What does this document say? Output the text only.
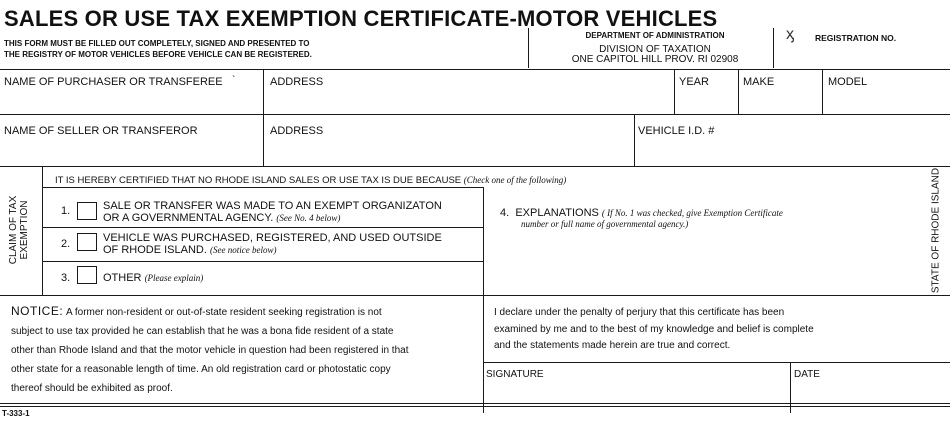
SALES OR USE TAX EXEMPTION CERTIFICATE-MOTOR VEHICLES
THIS FORM MUST BE FILLED OUT COMPLETELY, SIGNED AND PRESENTED TO
THE REGISTRY OF MOTOR VEHICLES BEFORE VEHICLE CAN BE REGISTERED.
DEPARTMENT OF ADMINISTRATION
DIVISION OF TAXATION
ONE CAPITOL HILL PROV. RI 02908
ᶍ REGISTRATION NO.
NAME OF PURCHASER OR TRANSFEREE `	ADDRESS	YEAR	MAKE	MODEL
NAME OF SELLER OR TRANSFEROR	ADDRESS	VEHICLE I.D. #
CLAIM OF TAX EXEMPTION
IT IS HEREBY CERTIFIED THAT NO RHODE ISLAND SALES OR USE TAX IS DUE BECAUSE (Check one of the following)
1.	SALE OR TRANSFER WAS MADE TO AN EXEMPT ORGANIZATON
OR A GOVERNMENTAL AGENCY. (See No. 4 below)
2.	VEHICLE WAS PURCHASED, REGISTERED, AND USED OUTSIDE
OF RHODE ISLAND. (See notice below)
3.	OTHER (Please explain)
4. EXPLANATIONS ( If No. 1 was checked, give Exemption Certificate
number or full name of governmental agency.)	STATE OF RHODE ISLAND
NOTICE: A former non-resident or out-of-state resident seeking registration is not
subject to use tax provided he can establish that he was a bona fide resident of a state
other than Rhode Island and that the motor vehicle in question had been registered in that
other state for a reasonable length of time. An old registration card or photostatic copy
thereof should be exhibited as proof.
I declare under the penalty of perjury that this certificate has been
examined by me and to the best of my knowledge and belief is complete
and the statements made herein are true and correct.
SIGNATURE	DATE
T-333-1
